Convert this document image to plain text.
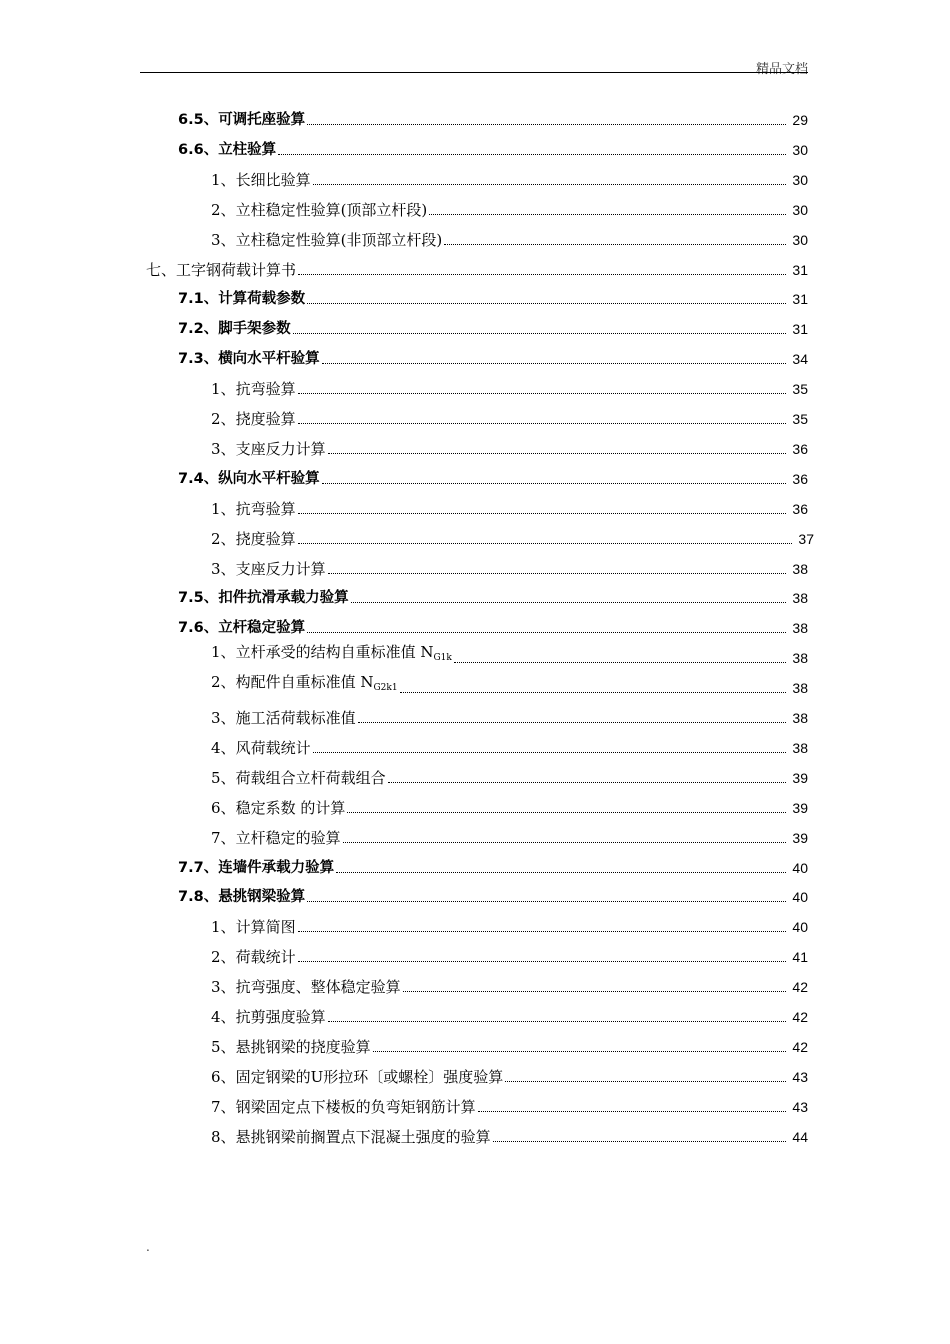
精品文档
6.5、可调托座验算	29
6.6、立柱验算	30
1、长细比验算	30
2、立柱稳定性验算(顶部立杆段)	30
3、立柱稳定性验算(非顶部立杆段)	30
七、工字钢荷载计算书	31
7.1、计算荷载参数	31
7.2、脚手架参数	31
7.3、横向水平杆验算	34
1、抗弯验算	35
2、挠度验算	35
3、支座反力计算	36
7.4、纵向水平杆验算	36
1、抗弯验算	36
2、挠度验算	37
3、支座反力计算	38
7.5、扣件抗滑承载力验算	38
7.6、立杆稳定验算	38
1、立杆承受的结构自重标准值 $N_{G1k}$	38
2、构配件自重标准值 $N_{G2k1}$	38
3、施工活荷载标准值	38
4、风荷载统计	38
5、荷载组合立杆荷载组合	39
6、稳定系数 的计算	39
7、立杆稳定的验算	39
7.7、连墙件承载力验算	40
7.8、悬挑钢梁验算	40
1、计算简图	40
2、荷载统计	41
3、抗弯强度、整体稳定验算	42
4、抗剪强度验算	42
5、悬挑钢梁的挠度验算	42
6、固定钢梁的U形拉环〔或螺栓〕强度验算	43
7、钢梁固定点下楼板的负弯矩钢筋计算	43
8、悬挑钢梁前搁置点下混凝土强度的验算	44
.
